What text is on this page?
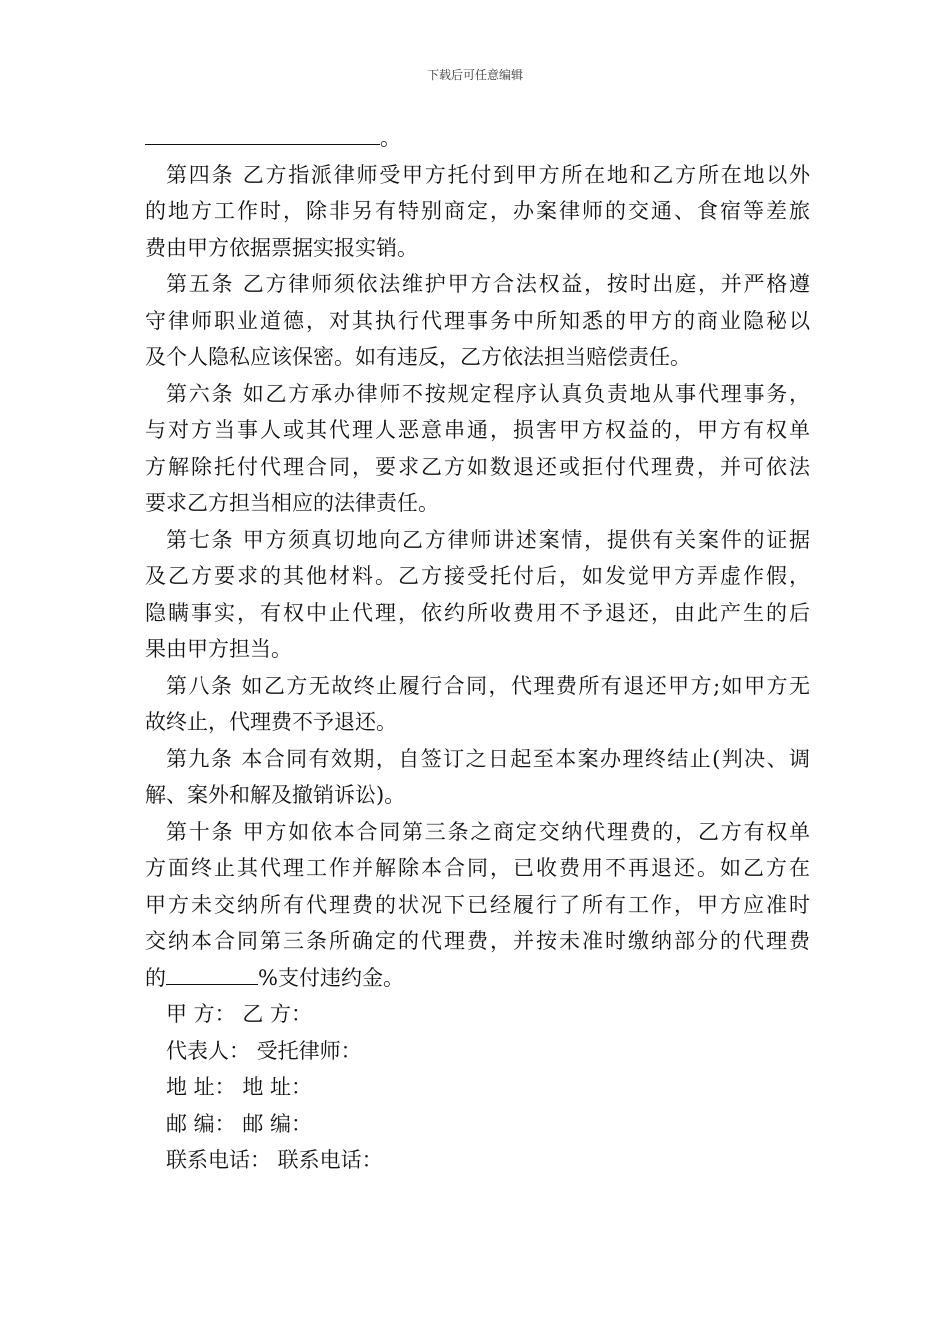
下载后可任意编辑
。
第四条 乙方指派律师受甲方托付到甲方所在地和乙方所在地以外
的地方工作时，除非另有特别商定，办案律师的交通、食宿等差旅
费由甲方依据票据实报实销。
第五条 乙方律师须依法维护甲方合法权益，按时出庭，并严格遵
守律师职业道德，对其执行代理事务中所知悉的甲方的商业隐秘以
及个人隐私应该保密。如有违反，乙方依法担当赔偿责任。
第六条 如乙方承办律师不按规定程序认真负责地从事代理事务，
与对方当事人或其代理人恶意串通，损害甲方权益的，甲方有权单
方解除托付代理合同，要求乙方如数退还或拒付代理费，并可依法
要求乙方担当相应的法律责任。
第七条 甲方须真切地向乙方律师讲述案情，提供有关案件的证据
及乙方要求的其他材料。乙方接受托付后，如发觉甲方弄虚作假，
隐瞒事实，有权中止代理，依约所收费用不予退还，由此产生的后
果由甲方担当。
第八条 如乙方无故终止履行合同，代理费所有退还甲方;如甲方无
故终止，代理费不予退还。
第九条 本合同有效期，自签订之日起至本案办理终结止(判决、调
解、案外和解及撤销诉讼)。
第十条 甲方如依本合同第三条之商定交纳代理费的，乙方有权单
方面终止其代理工作并解除本合同，已收费用不再退还。如乙方在
甲方未交纳所有代理费的状况下已经履行了所有工作，甲方应准时
交纳本合同第三条所确定的代理费，并按未准时缴纳部分的代理费
的	%支付违约金。
甲 方： 乙 方：
代表人： 受托律师：
地 址： 地 址：
邮 编： 邮 编：
联系电话： 联系电话：
